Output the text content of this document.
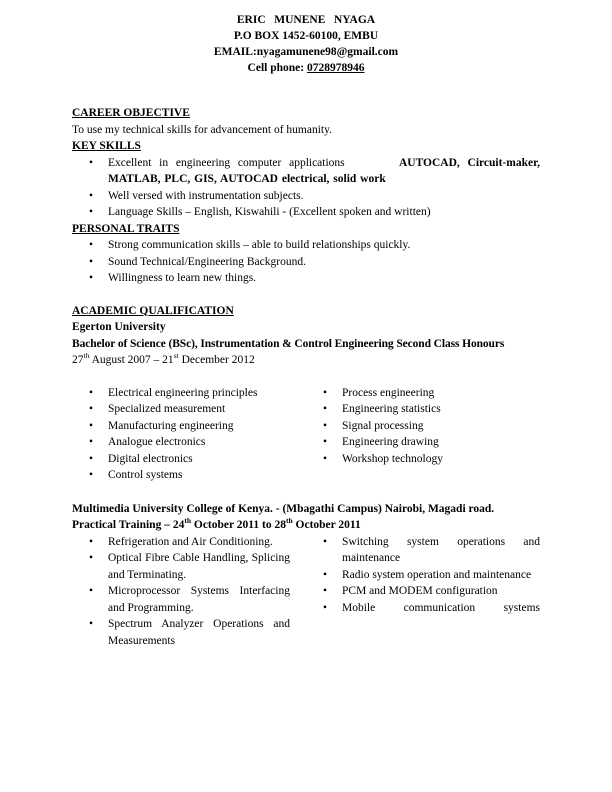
ERIC   MUNENE   NYAGA
P.O BOX 1452-60100, EMBU
EMAIL:nyagamunene98@gmail.com
Cell phone: 0728978946
CAREER OBJECTIVE
To use my technical skills for advancement of humanity.
KEY SKILLS
• Excellent in engineering computer applications	AUTOCAD, Circuit-maker, MATLAB, PLC, GIS, AUTOCAD electrical, solid work
• Well versed with instrumentation subjects.
• Language Skills – English, Kiswahili - (Excellent spoken and written)
PERSONAL TRAITS
• Strong communication skills – able to build relationships quickly.
• Sound Technical/Engineering Background.
• Willingness to learn new things.
ACADEMIC QUALIFICATION
Egerton University
Bachelor of Science (BSc), Instrumentation & Control Engineering Second Class Honours
27th August 2007 – 21st December 2012
• Electrical engineering principles
• Specialized measurement
• Manufacturing engineering
• Analogue electronics
• Digital electronics
• Control systems
• Process engineering
• Engineering statistics
• Signal processing
• Engineering drawing
• Workshop technology
Multimedia University College of Kenya. - (Mbagathi Campus) Nairobi, Magadi road.
Practical Training – 24th October 2011 to 28th October 2011
• Refrigeration and Air Conditioning.
• Optical Fibre Cable Handling, Splicing and Terminating.
• Microprocessor Systems Interfacing and Programming.
• Spectrum Analyzer Operations and Measurements
• Switching system operations and maintenance
• Radio system operation and maintenance
• PCM and MODEM configuration
• Mobile communication systems
